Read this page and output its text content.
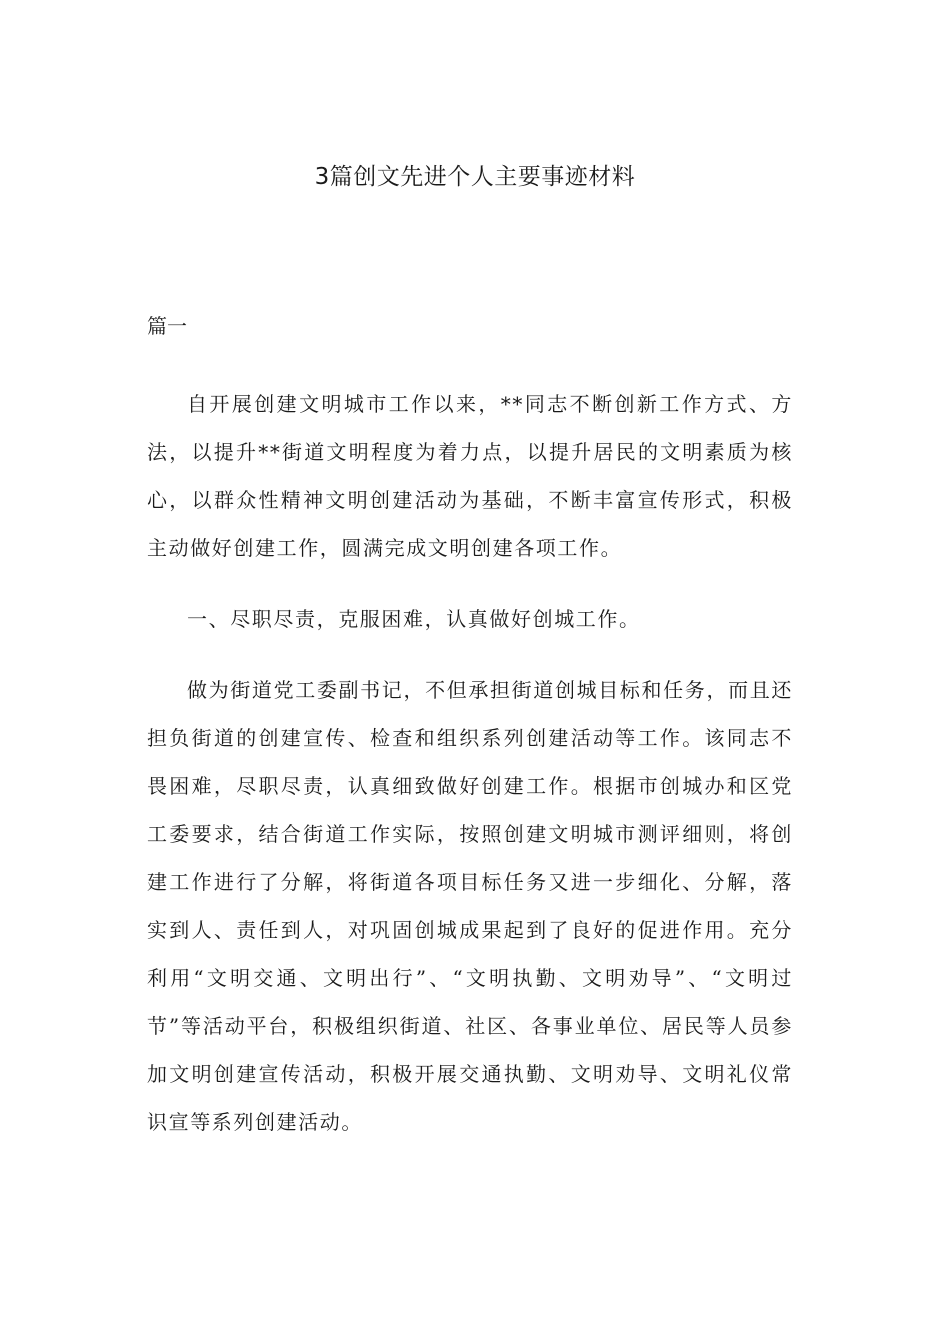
3篇创文先进个人主要事迹材料
篇一

自开展创建文明城市工作以来，**同志不断创新工作方式、方法，以提升**街道文明程度为着力点，以提升居民的文明素质为核心，以群众性精神文明创建活动为基础，不断丰富宣传形式，积极主动做好创建工作，圆满完成文明创建各项工作。

一、尽职尽责，克服困难，认真做好创城工作。

做为街道党工委副书记，不但承担街道创城目标和任务，而且还担负街道的创建宣传、检查和组织系列创建活动等工作。该同志不畏困难，尽职尽责，认真细致做好创建工作。根据市创城办和区党工委要求，结合街道工作实际，按照创建文明城市测评细则，将创建工作进行了分解，将街道各项目标任务又进一步细化、分解，落实到人、责任到人，对巩固创城成果起到了良好的促进作用。充分利用“文明交通、文明出行”、“文明执勤、文明劝导”、“文明过节”等活动平台，积极组织街道、社区、各事业单位、居民等人员参加文明创建宣传活动，积极开展交通执勤、文明劝导、文明礼仪常识宣等系列创建活动。
